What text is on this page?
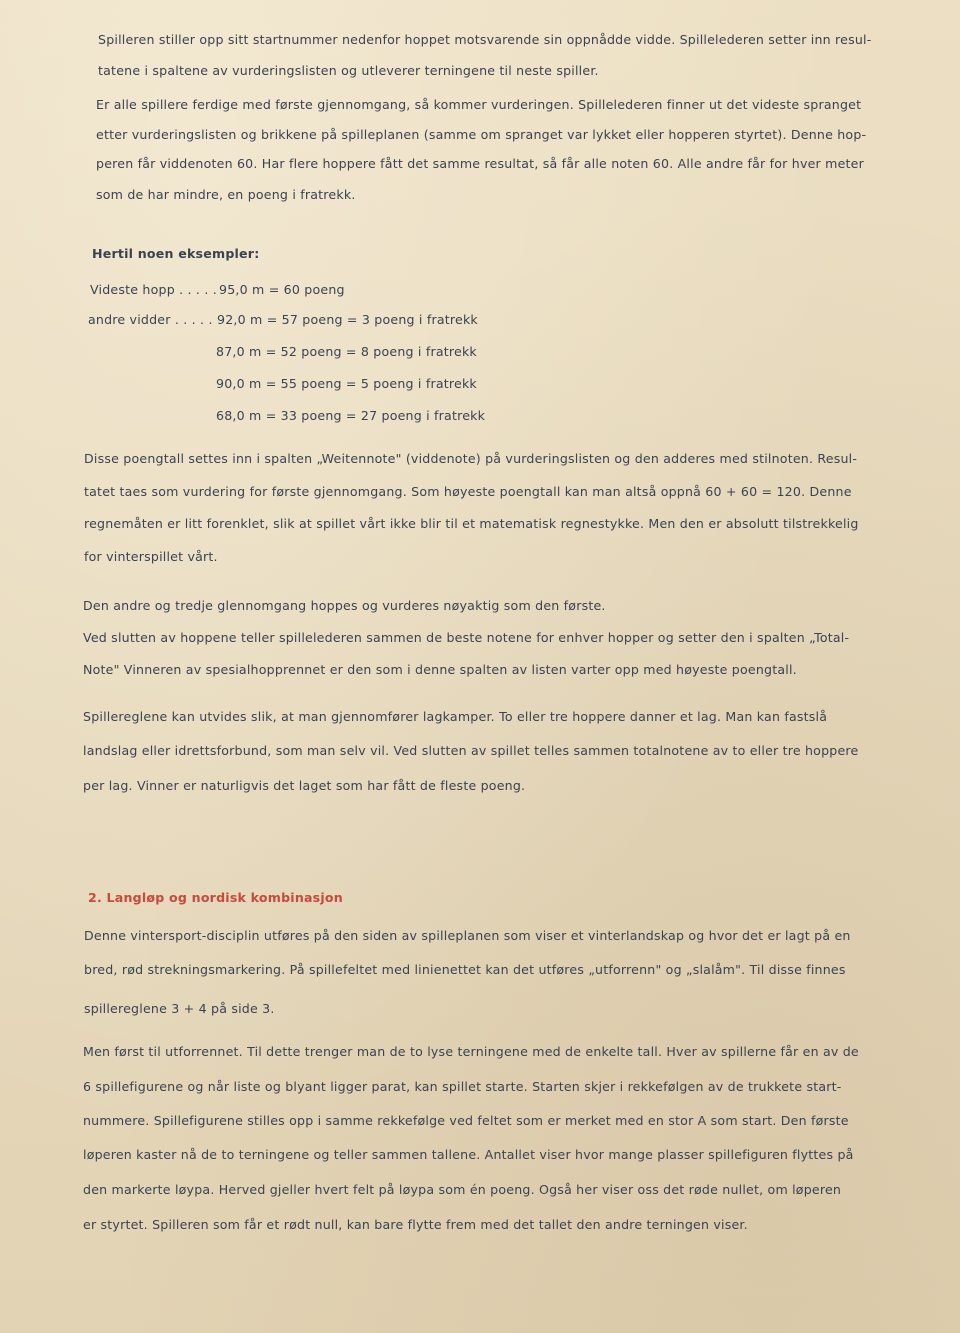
Spilleren stiller opp sitt startnummer nedenfor hoppet motsvarende sin oppnådde vidde. Spillelederen setter inn resul-
tatene i spaltene av vurderingslisten og utleverer terningene til neste spiller.
Er alle spillere ferdige med første gjennomgang, så kommer vurderingen. Spillelederen finner ut det videste spranget
etter vurderingslisten og brikkene på spilleplanen (samme om spranget var lykket eller hopperen styrtet). Denne hop-
peren får viddenoten 60. Har flere hoppere fått det samme resultat, så får alle noten 60. Alle andre får for hver meter
som de har mindre, en poeng i fratrekk.
Hertil noen eksempler:
Videste hopp . . . . . 95,0 m = 60 poeng
andre vidder . . . . . 92,0 m = 57 poeng = 3 poeng i fratrekk
87,0 m = 52 poeng = 8 poeng i fratrekk
90,0 m = 55 poeng = 5 poeng i fratrekk
68,0 m = 33 poeng = 27 poeng i fratrekk
Disse poengtall settes inn i spalten „Weitennote" (viddenote) på vurderingslisten og den adderes med stilnoten. Resul-
tatet taes som vurdering for første gjennomgang. Som høyeste poengtall kan man altså oppnå 60 + 60 = 120. Denne
regnemåten er litt forenklet, slik at spillet vårt ikke blir til et matematisk regnestykke. Men den er absolutt tilstrekkelig
for vinterspillet vårt.
Den andre og tredje glennomgang hoppes og vurderes nøyaktig som den første.
Ved slutten av hoppene teller spillelederen sammen de beste notene for enhver hopper og setter den i spalten „Total-
Note" Vinneren av spesialhopprennet er den som i denne spalten av listen varter opp med høyeste poengtall.
Spillereglene kan utvides slik, at man gjennomfører lagkamper. To eller tre hoppere danner et lag. Man kan fastslå
landslag eller idrettsforbund, som man selv vil. Ved slutten av spillet telles sammen totalnotene av to eller tre hoppere
per lag. Vinner er naturligvis det laget som har fått de fleste poeng.
2. Langløp og nordisk kombinasjon
Denne vintersport-disciplin utføres på den siden av spilleplanen som viser et vinterlandskap og hvor det er lagt på en
bred, rød strekningsmarkering. På spillefeltet med linienettet kan det utføres „utforrenn" og „slalåm". Til disse finnes
spillereglene 3 + 4 på side 3.
Men først til utforrennet. Til dette trenger man de to lyse terningene med de enkelte tall. Hver av spillerne får en av de
6 spillefigurene og når liste og blyant ligger parat, kan spillet starte. Starten skjer i rekkefølgen av de trukkete start-
nummere. Spillefigurene stilles opp i samme rekkefølge ved feltet som er merket med en stor A som start. Den første
løperen kaster nå de to terningene og teller sammen tallene. Antallet viser hvor mange plasser spillefiguren flyttes på
den markerte løypa. Herved gjeller hvert felt på løypa som én poeng. Også her viser oss det røde nullet, om løperen
er styrtet. Spilleren som får et rødt null, kan bare flytte frem med det tallet den andre terningen viser.
